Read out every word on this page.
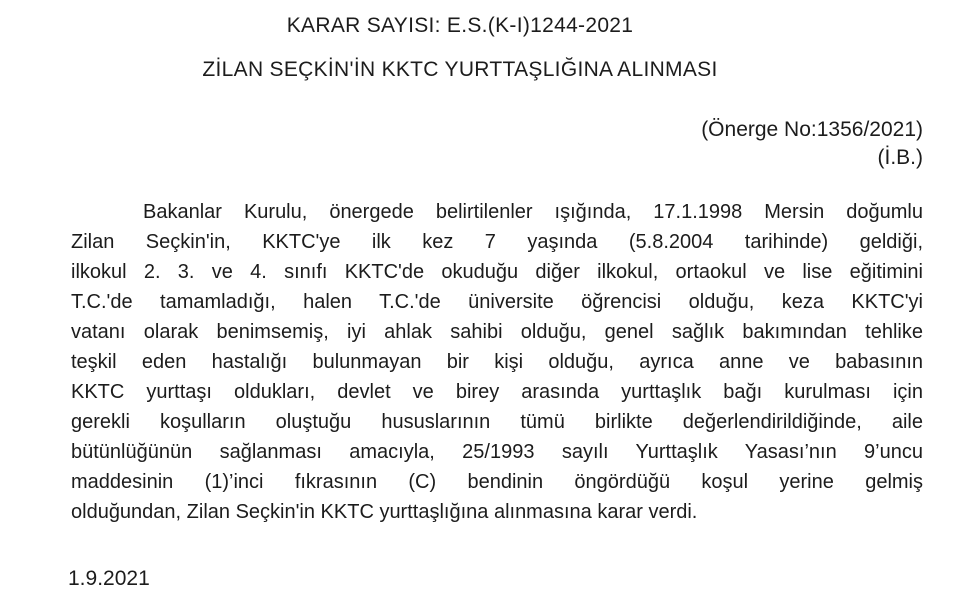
KARAR SAYISI: E.S.(K-I)1244-2021
ZİLAN SEÇKİN'İN KKTC YURTTAŞLIĞINA ALINMASI
(Önerge No:1356/2021)
(İ.B.)
Bakanlar Kurulu, önergede belirtilenler ışığında, 17.1.1998 Mersin doğumlu
Zilan Seçkin'in, KKTC'ye ilk kez 7 yaşında (5.8.2004 tarihinde) geldiği,
ilkokul 2. 3. ve 4. sınıfı KKTC'de okuduğu diğer ilkokul, ortaokul ve lise eğitimini
T.C.'de tamamladığı, halen T.C.'de üniversite öğrencisi olduğu, keza KKTC'yi
vatanı olarak benimsemiş, iyi ahlak sahibi olduğu, genel sağlık bakımından tehlike
teşkil eden hastalığı bulunmayan bir kişi olduğu, ayrıca anne ve babasının
KKTC yurttaşı oldukları, devlet ve birey arasında yurttaşlık bağı kurulması için
gerekli koşulların oluştuğu hususlarının tümü birlikte değerlendirildiğinde, aile
bütünlüğünün sağlanması amacıyla, 25/1993 sayılı Yurttaşlık Yasası’nın 9’uncu
maddesinin (1)’inci fıkrasının (C) bendinin öngördüğü koşul yerine gelmiş
olduğundan, Zilan Seçkin'in KKTC yurttaşlığına alınmasına karar verdi.
1.9.2021
